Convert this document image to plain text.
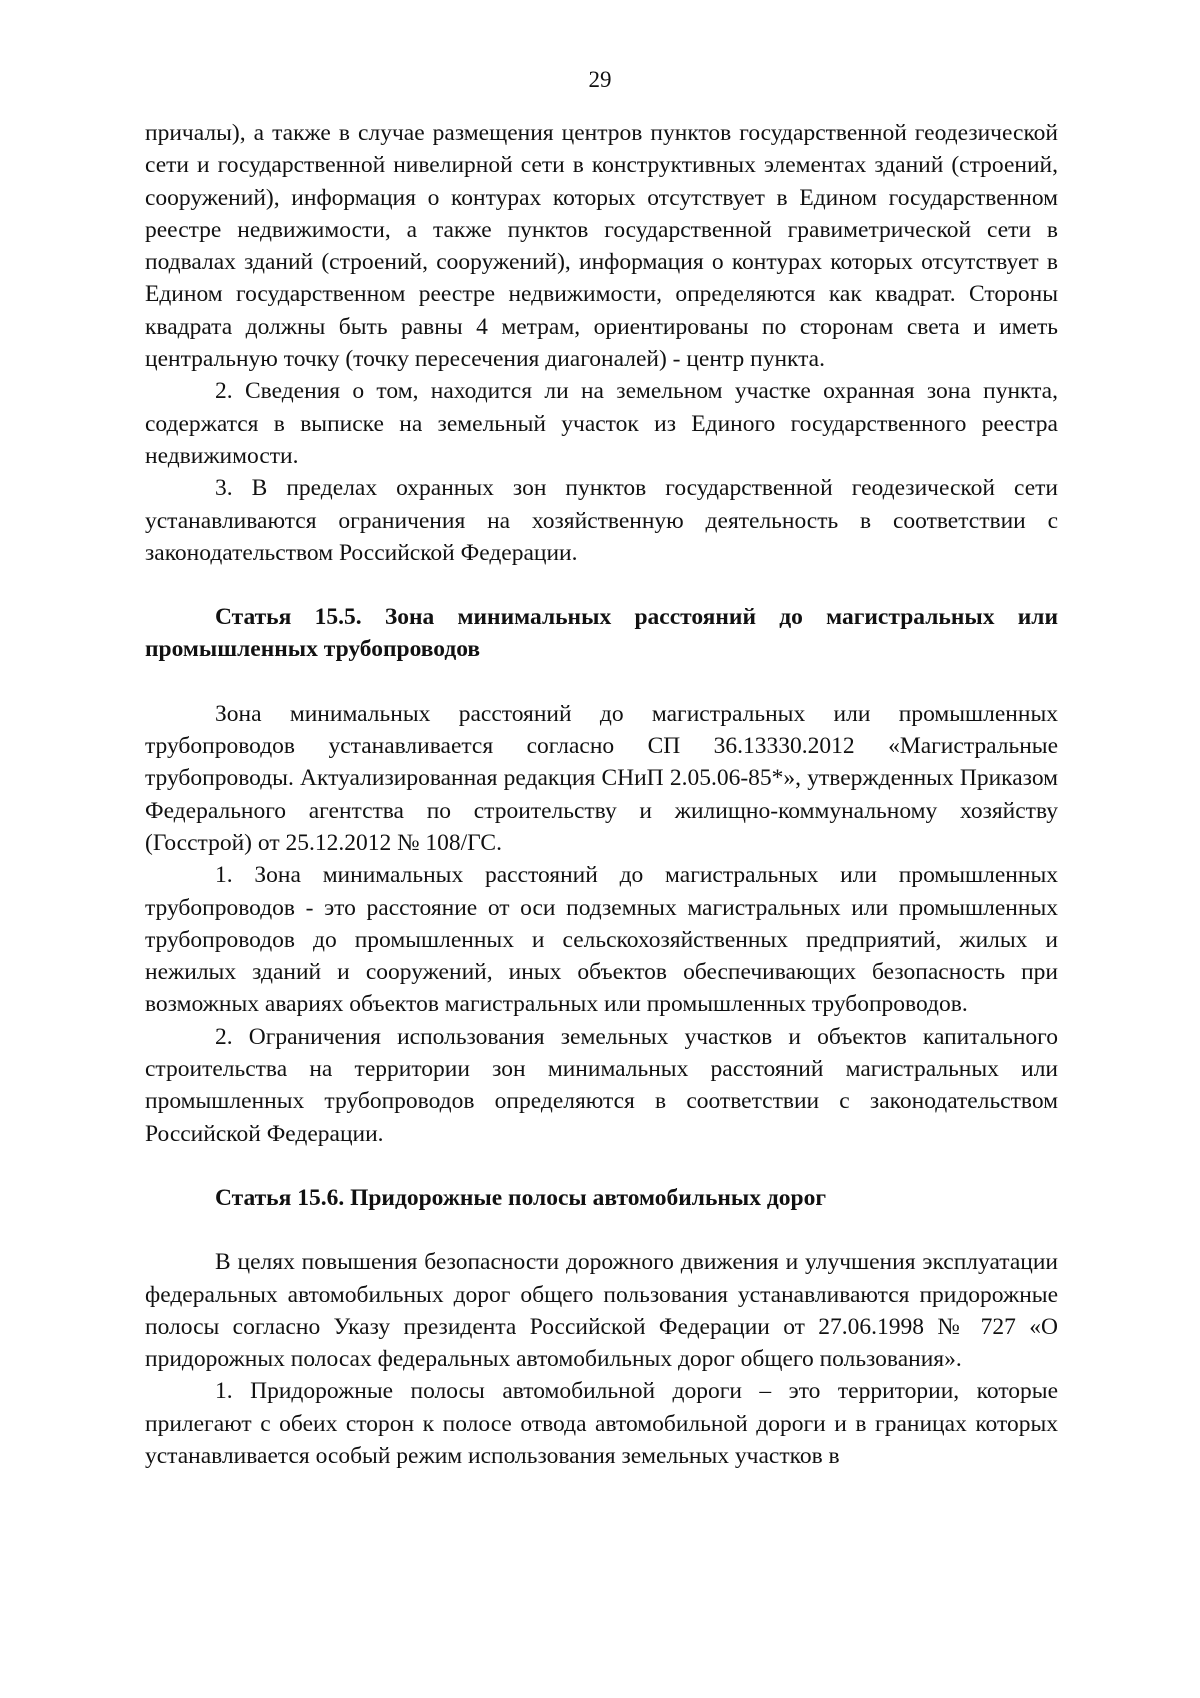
29

причалы), а также в случае размещения центров пунктов государственной геодезической сети и государственной нивелирной сети в конструктивных элементах зданий (строений, сооружений), информация о контурах которых отсутствует в Едином государственном реестре недвижимости, а также пунктов государственной гравиметрической сети в подвалах зданий (строений, сооружений), информация о контурах которых отсутствует в Едином государственном реестре недвижимости, определяются как квадрат. Стороны квадрата должны быть равны 4 метрам, ориентированы по сторонам света и иметь центральную точку (точку пересечения диагоналей) - центр пункта.

2. Сведения о том, находится ли на земельном участке охранная зона пункта, содержатся в выписке на земельный участок из Единого государственного реестра недвижимости.

3. В пределах охранных зон пунктов государственной геодезической сети устанавливаются ограничения на хозяйственную деятельность в соответствии с законодательством Российской Федерации.

Статья 15.5. Зона минимальных расстояний до магистральных или промышленных трубопроводов

Зона минимальных расстояний до магистральных или промышленных трубопроводов устанавливается согласно СП 36.13330.2012 «Магистральные трубопроводы. Актуализированная редакция СНиП 2.05.06-85*», утвержденных Приказом Федерального агентства по строительству и жилищно-коммунальному хозяйству (Госстрой) от 25.12.2012 № 108/ГС.

1. Зона минимальных расстояний до магистральных или промышленных трубопроводов - это расстояние от оси подземных магистральных или промышленных трубопроводов до промышленных и сельскохозяйственных предприятий, жилых и нежилых зданий и сооружений, иных объектов обеспечивающих безопасность при возможных авариях объектов магистральных или промышленных трубопроводов.

2. Ограничения использования земельных участков и объектов капитального строительства на территории зон минимальных расстояний магистральных или промышленных трубопроводов определяются в соответствии с законодательством Российской Федерации.

Статья 15.6. Придорожные полосы автомобильных дорог

В целях повышения безопасности дорожного движения и улучшения эксплуатации федеральных автомобильных дорог общего пользования устанавливаются придорожные полосы согласно Указу президента Российской Федерации от 27.06.1998 № 727 «О придорожных полосах федеральных автомобильных дорог общего пользования».

1. Придорожные полосы автомобильной дороги – это территории, которые прилегают с обеих сторон к полосе отвода автомобильной дороги и в границах которых устанавливается особый режим использования земельных участков в
